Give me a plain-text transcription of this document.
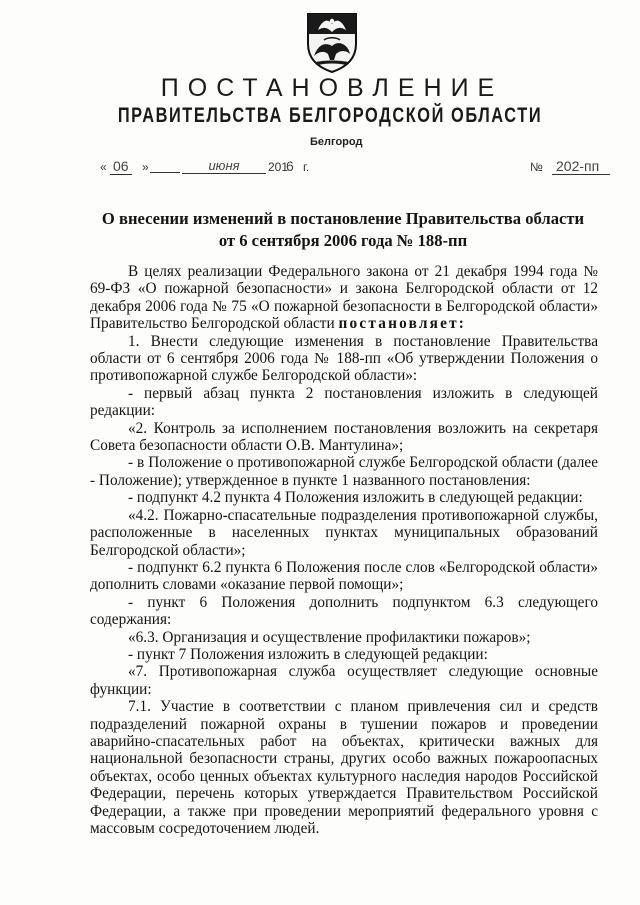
ПОСТАНОВЛЕНИЕ
ПРАВИТЕЛЬСТВА БЕЛГОРОДСКОЙ ОБЛАСТИ
Белгород
« 06 »	июня	201
6 г.	№ 202-пп
О внесении изменений в постановление Правительства области
от 6 сентября 2006 года № 188-пп

В целях реализации Федерального закона от 21 декабря 1994 года № 69-ФЗ «О пожарной безопасности» и закона Белгородской области от 12 декабря 2006 года № 75 «О пожарной безопасности в Белгородской области» Правительство Белгородской области постановляет:

1. Внести следующие изменения в постановление Правительства области от 6 сентября 2006 года № 188-пп «Об утверждении Положения о противопожарной службе Белгородской области»:

- первый абзац пункта 2 постановления изложить в следующей редакции:

«2. Контроль за исполнением постановления возложить на секретаря Совета безопасности области О.В. Мантулина»;

- в Положение о противопожарной службе Белгородской области (далее - Положение); утвержденное в пункте 1 названного постановления:

- подпункт 4.2 пункта 4 Положения изложить в следующей редакции:

«4.2. Пожарно-спасательные подразделения противопожарной службы, расположенные в населенных пунктах муниципальных образований Белгородской области»;

- подпункт 6.2 пункта 6 Положения после слов «Белгородской области» дополнить словами «оказание первой помощи»;

- пункт 6 Положения дополнить подпунктом 6.3 следующего содержания:

«6.3. Организация и осуществление профилактики пожаров»;

- пункт 7 Положения изложить в следующей редакции:

«7. Противопожарная служба осуществляет следующие основные функции:

7.1. Участие в соответствии с планом привлечения сил и средств подразделений пожарной охраны в тушении пожаров и проведении аварийно-спасательных работ на объектах, критически важных для национальной безопасности страны, других особо важных пожароопасных объектах, особо ценных объектах культурного наследия народов Российской Федерации, перечень которых утверждается Правительством Российской Федерации, а также при проведении мероприятий федерального уровня с массовым сосредоточением людей.
